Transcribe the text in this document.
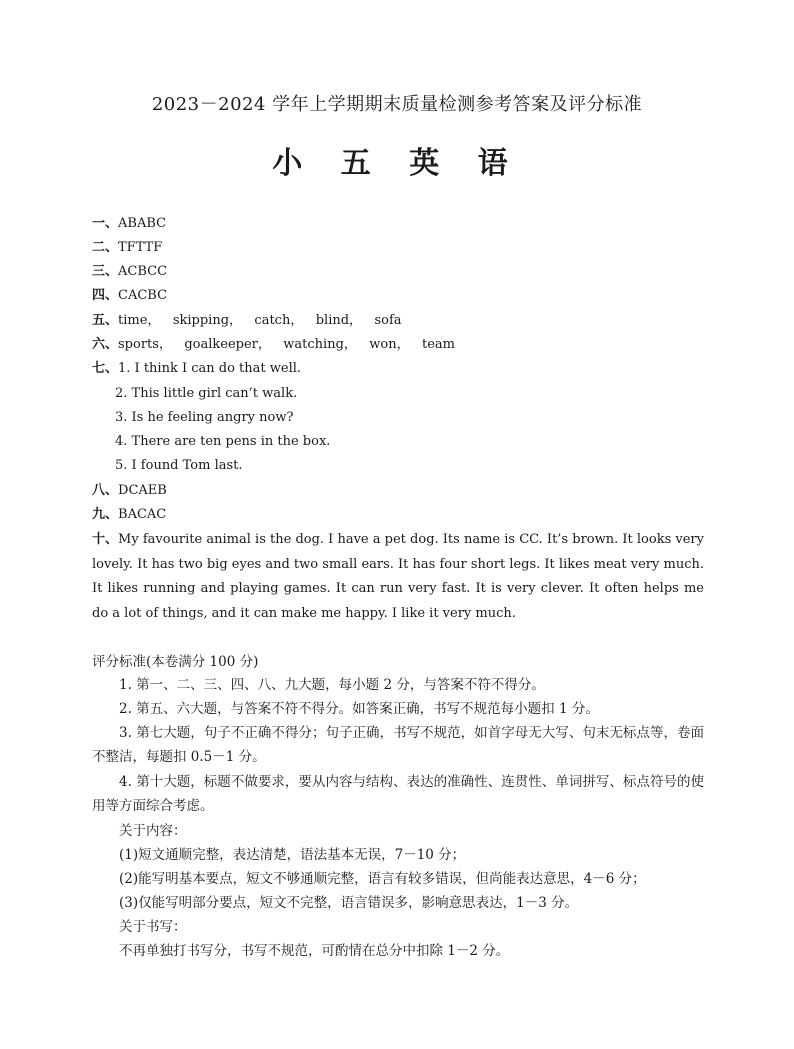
2023－2024 学年上学期期末质量检测参考答案及评分标准
小 五 英 语
一、ABABC
二、TFTTF
三、ACBCC
四、CACBC
五、time，   skipping，   catch，   blind，   sofa
六、sports，   goalkeeper，   watching，   won，   team
七、1. I think I can do that well.
2. This little girl can’t walk.
3. Is he feeling angry now?
4. There are ten pens in the box.
5. I found Tom last.
八、DCAEB
九、BACAC
十、My favourite animal is the dog. I have a pet dog. Its name is CC. It’s brown. It looks very lovely. It has two big eyes and two small ears. It has four short legs. It likes meat very much. It likes running and playing games. It can run very fast. It is very clever. It often helps me do a lot of things, and it can make me happy. I like it very much.
评分标准(本卷满分 100 分)
1. 第一、二、三、四、八、九大题，每小题 2 分，与答案不符不得分。
2. 第五、六大题，与答案不符不得分。如答案正确，书写不规范每小题扣 1 分。
3. 第七大题，句子不正确不得分；句子正确，书写不规范，如首字母无大写、句末无标点等，卷面不整洁，每题扣 0.5－1 分。
4. 第十大题，标题不做要求，要从内容与结构、表达的准确性、连贯性、单词拼写、标点符号的使用等方面综合考虑。
关于内容：
(1)短文通顺完整，表达清楚，语法基本无误，7－10 分；
(2)能写明基本要点，短文不够通顺完整，语言有较多错误，但尚能表达意思，4－6 分；
(3)仅能写明部分要点，短文不完整，语言错误多，影响意思表达，1－3 分。
关于书写：
不再单独打书写分，书写不规范，可酌情在总分中扣除 1－2 分。
